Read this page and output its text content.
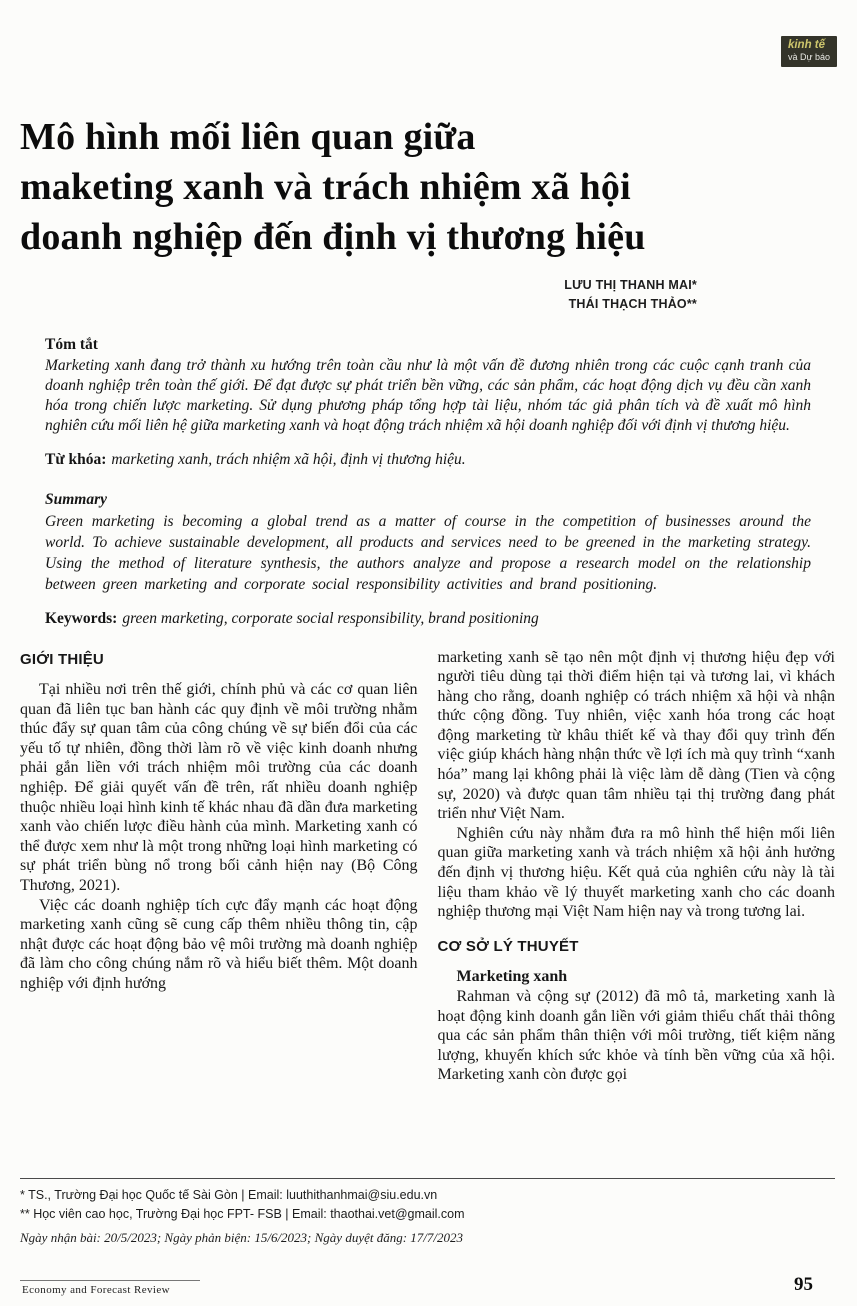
kinh tế
và Dự báo
Mô hình mối liên quan giữa
maketing xanh và trách nhiệm xã hội
doanh nghiệp đến định vị thương hiệu
LƯU THỊ THANH MAI*
THÁI THẠCH THẢO**
Tóm tắt
Marketing xanh đang trở thành xu hướng trên toàn cầu như là một vấn đề đương nhiên trong các cuộc cạnh tranh của doanh nghiệp trên toàn thế giới. Để đạt được sự phát triển bền vững, các sản phẩm, các hoạt động dịch vụ đều cần xanh hóa trong chiến lược marketing. Sử dụng phương pháp tổng hợp tài liệu, nhóm tác giả phân tích và đề xuất mô hình nghiên cứu mối liên hệ giữa marketing xanh và hoạt động trách nhiệm xã hội doanh nghiệp đối với định vị thương hiệu.
Từ khóa: marketing xanh, trách nhiệm xã hội, định vị thương hiệu.
Summary
Green marketing is becoming a global trend as a matter of course in the competition of businesses around the world. To achieve sustainable development, all products and services need to be greened in the marketing strategy. Using the method of literature synthesis, the authors analyze and propose a research model on the relationship between green marketing and corporate social responsibility activities and brand positioning.
Keywords: green marketing, corporate social responsibility, brand positioning
GIỚI THIỆU

Tại nhiều nơi trên thế giới, chính phủ và các cơ quan liên quan đã liên tục ban hành các quy định về môi trường nhằm thúc đẩy sự quan tâm của công chúng về sự biến đổi của các yếu tố tự nhiên, đồng thời làm rõ về việc kinh doanh nhưng phải gắn liền với trách nhiệm môi trường của các doanh nghiệp. Để giải quyết vấn đề trên, rất nhiều doanh nghiệp thuộc nhiều loại hình kinh tế khác nhau đã dần đưa marketing xanh vào chiến lược điều hành của mình. Marketing xanh có thể được xem như là một trong những loại hình marketing có sự phát triển bùng nổ trong bối cảnh hiện nay (Bộ Công Thương, 2021).

Việc các doanh nghiệp tích cực đẩy mạnh các hoạt động marketing xanh cũng sẽ cung cấp thêm nhiều thông tin, cập nhật được các hoạt động bảo vệ môi trường mà doanh nghiệp đã làm cho công chúng nắm rõ và hiểu biết thêm. Một doanh nghiệp với định hướng

marketing xanh sẽ tạo nên một định vị thương hiệu đẹp với người tiêu dùng tại thời điểm hiện tại và tương lai, vì khách hàng cho rằng, doanh nghiệp có trách nhiệm xã hội và nhận thức cộng đồng. Tuy nhiên, việc xanh hóa trong các hoạt động marketing từ khâu thiết kế và thay đổi quy trình đến việc giúp khách hàng nhận thức về lợi ích mà quy trình “xanh hóa” mang lại không phải là việc làm dễ dàng (Tien và cộng sự, 2020) và được quan tâm nhiều tại thị trường đang phát triển như Việt Nam.

Nghiên cứu này nhằm đưa ra mô hình thể hiện mối liên quan giữa marketing xanh và trách nhiệm xã hội ảnh hưởng đến định vị thương hiệu. Kết quả của nghiên cứu này là tài liệu tham khảo về lý thuyết marketing xanh cho các doanh nghiệp thương mại Việt Nam hiện nay và trong tương lai.

CƠ SỞ LÝ THUYẾT
Marketing xanh

Rahman và cộng sự (2012) đã mô tả, marketing xanh là hoạt động kinh doanh gắn liền với giảm thiểu chất thải thông qua các sản phẩm thân thiện với môi trường, tiết kiệm năng lượng, khuyến khích sức khỏe và tính bền vững của xã hội. Marketing xanh còn được gọi

* TS., Trường Đại học Quốc tế Sài Gòn | Email: luuthithanhmai@siu.edu.vn
** Học viên cao học, Trường Đại học FPT- FSB | Email: thaothai.vet@gmail.com
Ngày nhận bài: 20/5/2023; Ngày phản biện: 15/6/2023; Ngày duyệt đăng: 17/7/2023
Economy and Forecast Review	95
